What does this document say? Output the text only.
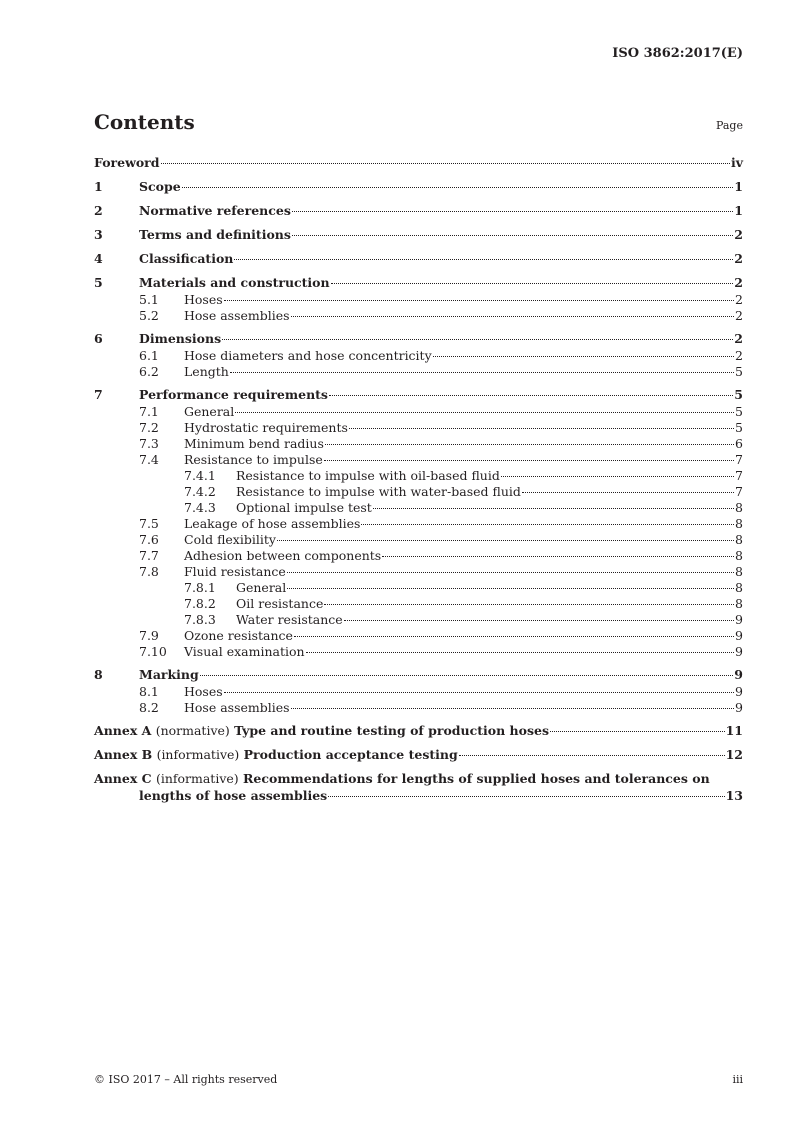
ISO 3862:2017(E)
Contents	Page
Foreword	iv
1	Scope	1
2	Normative references	1
3	Terms and definitions	2
4	Classification	2
5	Materials and construction	2
5.1	Hoses	2
5.2	Hose assemblies	2
6	Dimensions	2
6.1	Hose diameters and hose concentricity	2
6.2	Length	5
7	Performance requirements	5
7.1	General	5
7.2	Hydrostatic requirements	5
7.3	Minimum bend radius	6
7.4	Resistance to impulse	7
7.4.1	Resistance to impulse with oil-based fluid	7
7.4.2	Resistance to impulse with water-based fluid	7
7.4.3	Optional impulse test	8
7.5	Leakage of hose assemblies	8
7.6	Cold flexibility	8
7.7	Adhesion between components	8
7.8	Fluid resistance	8
7.8.1	General	8
7.8.2	Oil resistance	8
7.8.3	Water resistance	9
7.9	Ozone resistance	9
7.10	Visual examination	9
8	Marking	9
8.1	Hoses	9
8.2	Hose assemblies	9
Annex A (normative) Type and routine testing of production hoses	11
Annex B (informative) Production acceptance testing	12
Annex C (informative) Recommendations for lengths of supplied hoses and tolerances on
lengths of hose assemblies	13
© ISO 2017 – All rights reserved	iii
